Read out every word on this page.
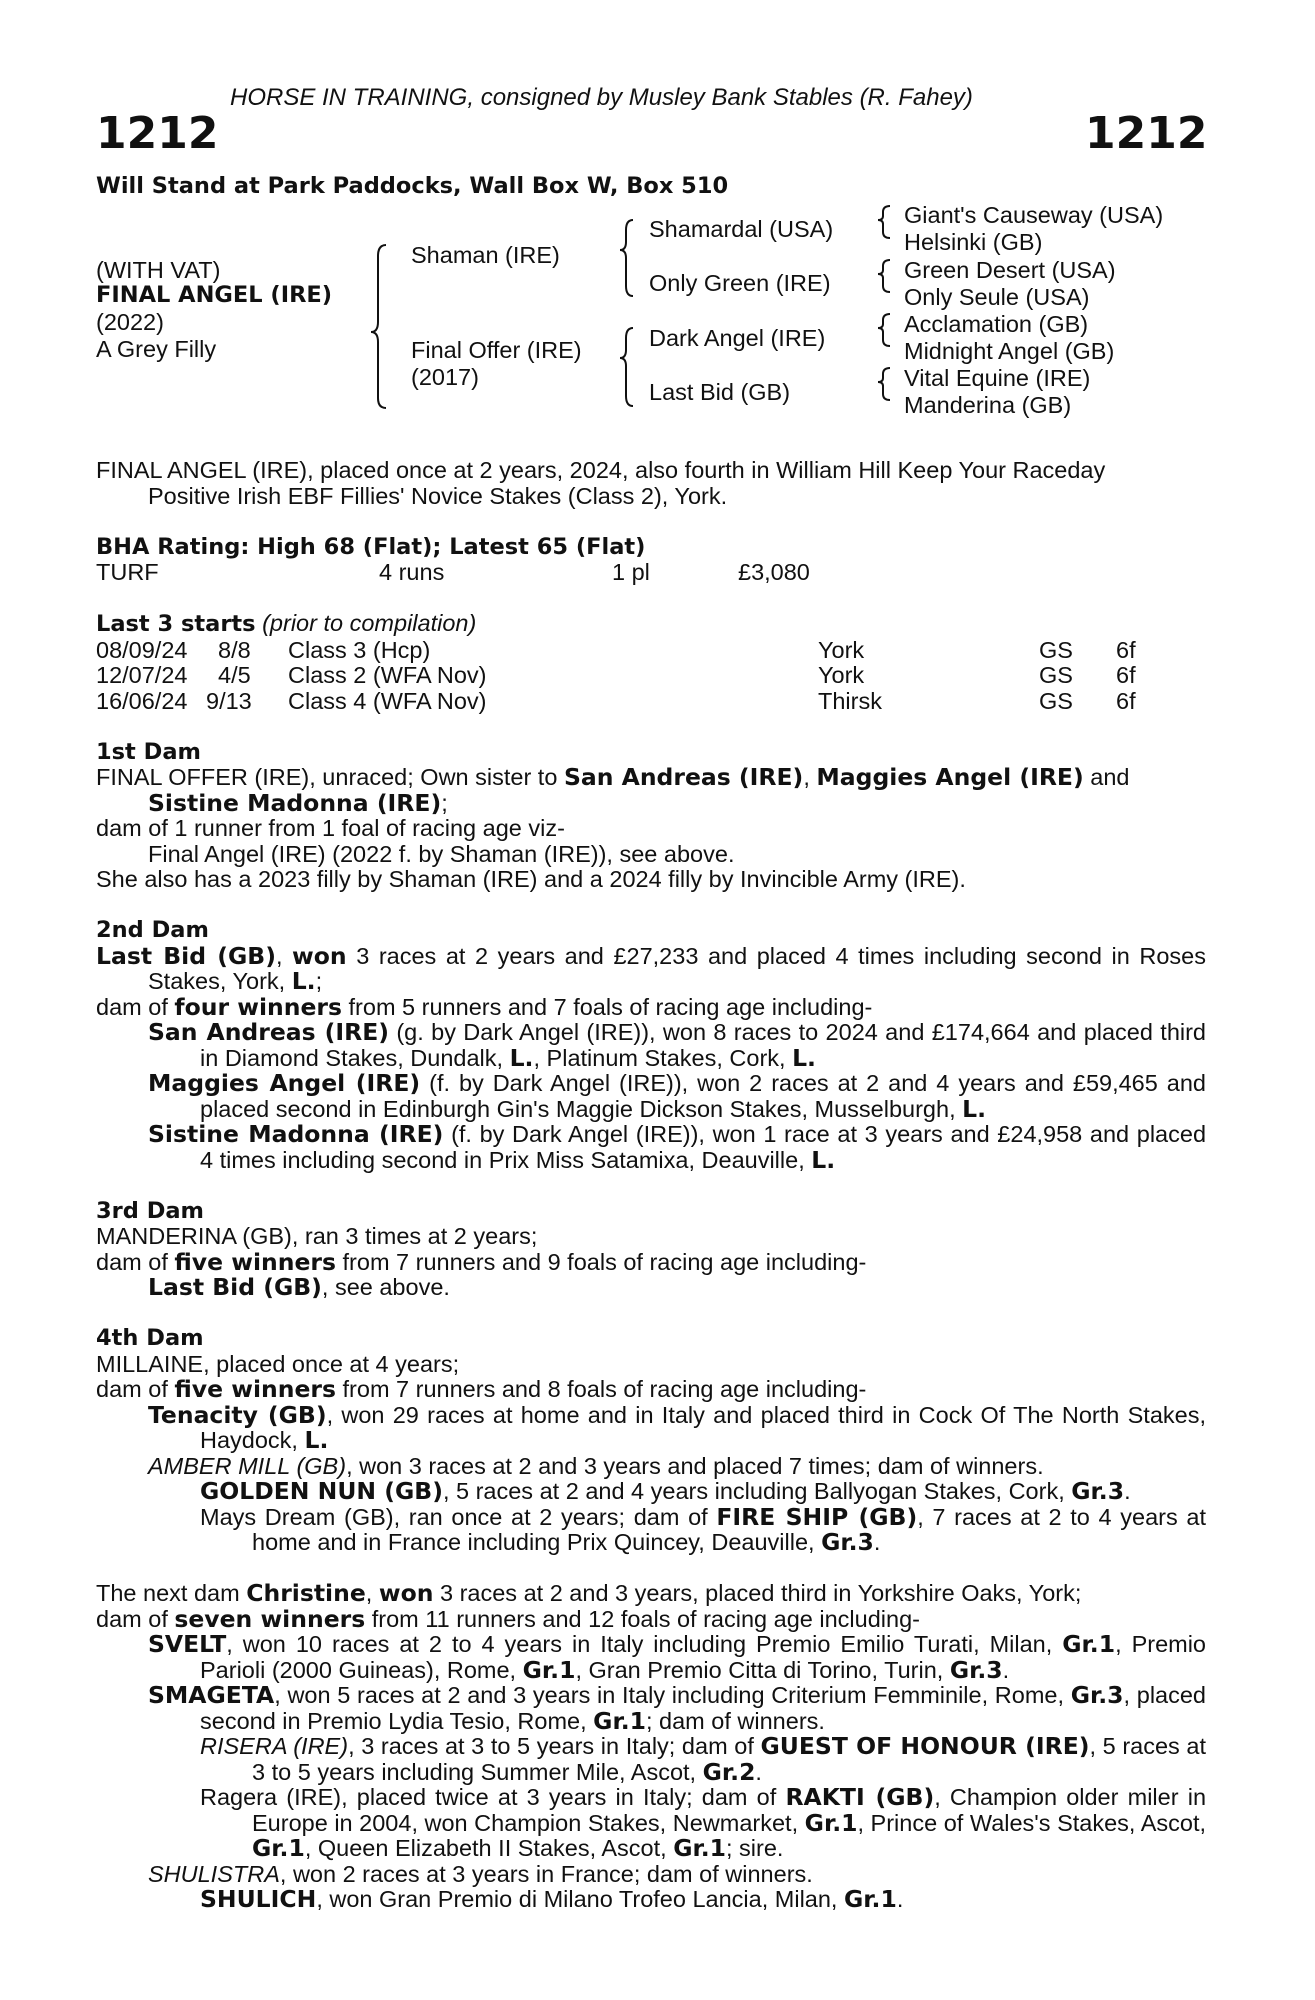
HORSE IN TRAINING, consigned by Musley Bank Stables (R. Fahey)
1212	1212
Will Stand at Park Paddocks, Wall Box W, Box 510
(WITH VAT)
FINAL ANGEL (IRE)
(2022)
A Grey Filly
Shaman (IRE)
Final Offer (IRE)
(2017)
Shamardal (USA)
Only Green (IRE)
Dark Angel (IRE)
Last Bid (GB)
Giant's Causeway (USA)
Helsinki (GB)
Green Desert (USA)
Only Seule (USA)
Acclamation (GB)
Midnight Angel (GB)
Vital Equine (IRE)
Manderina (GB)

FINAL ANGEL (IRE), placed once at 2 years, 2024, also fourth in William Hill Keep Your Raceday

Positive Irish EBF Fillies' Novice Stakes (Class 2), York.

BHA Rating: High 68 (Flat); Latest 65 (Flat)

TURF	4 runs	1 pl	£3,080

Last 3 starts (prior to compilation)

08/09/24 8/8 Class 3 (Hcp)	York	GS 6f
12/07/24 4/5 Class 2 (WFA Nov)	York	GS 6f
16/06/24 9/13 Class 4 (WFA Nov)	Thirsk	GS 6f

1st Dam

FINAL OFFER (IRE), unraced; Own sister to San Andreas (IRE), Maggies Angel (IRE) and

Sistine Madonna (IRE);

dam of 1 runner from 1 foal of racing age viz-

Final Angel (IRE) (2022 f. by Shaman (IRE)), see above.

She also has a 2023 filly by Shaman (IRE) and a 2024 filly by Invincible Army (IRE).

2nd Dam

Last Bid (GB), won 3 races at 2 years and £27,233 and placed 4 times including second in Roses Stakes, York, L.;

dam of four winners from 5 runners and 7 foals of racing age including-

San Andreas (IRE) (g. by Dark Angel (IRE)), won 8 races to 2024 and £174,664 and placed third in Diamond Stakes, Dundalk, L., Platinum Stakes, Cork, L.

Maggies Angel (IRE) (f. by Dark Angel (IRE)), won 2 races at 2 and 4 years and £59,465 and placed second in Edinburgh Gin's Maggie Dickson Stakes, Musselburgh, L.

Sistine Madonna (IRE) (f. by Dark Angel (IRE)), won 1 race at 3 years and £24,958 and placed 4 times including second in Prix Miss Satamixa, Deauville, L.

3rd Dam

MANDERINA (GB), ran 3 times at 2 years;

dam of five winners from 7 runners and 9 foals of racing age including-

Last Bid (GB), see above.

4th Dam

MILLAINE, placed once at 4 years;

dam of five winners from 7 runners and 8 foals of racing age including-

Tenacity (GB), won 29 races at home and in Italy and placed third in Cock Of The North Stakes, Haydock, L.

AMBER MILL (GB), won 3 races at 2 and 3 years and placed 7 times; dam of winners.

GOLDEN NUN (GB), 5 races at 2 and 4 years including Ballyogan Stakes, Cork, Gr.3.

Mays Dream (GB), ran once at 2 years; dam of FIRE SHIP (GB), 7 races at 2 to 4 years at home and in France including Prix Quincey, Deauville, Gr.3.

The next dam Christine, won 3 races at 2 and 3 years, placed third in Yorkshire Oaks, York;

dam of seven winners from 11 runners and 12 foals of racing age including-

SVELT, won 10 races at 2 to 4 years in Italy including Premio Emilio Turati, Milan, Gr.1, Premio Parioli (2000 Guineas), Rome, Gr.1, Gran Premio Citta di Torino, Turin, Gr.3.

SMAGETA, won 5 races at 2 and 3 years in Italy including Criterium Femminile, Rome, Gr.3, placed second in Premio Lydia Tesio, Rome, Gr.1; dam of winners.

RISERA (IRE), 3 races at 3 to 5 years in Italy; dam of GUEST OF HONOUR (IRE), 5 races at 3 to 5 years including Summer Mile, Ascot, Gr.2.

Ragera (IRE), placed twice at 3 years in Italy; dam of RAKTI (GB), Champion older miler in Europe in 2004, won Champion Stakes, Newmarket, Gr.1, Prince of Wales's Stakes, Ascot, Gr.1, Queen Elizabeth II Stakes, Ascot, Gr.1; sire.

SHULISTRA, won 2 races at 3 years in France; dam of winners.

SHULICH, won Gran Premio di Milano Trofeo Lancia, Milan, Gr.1.
